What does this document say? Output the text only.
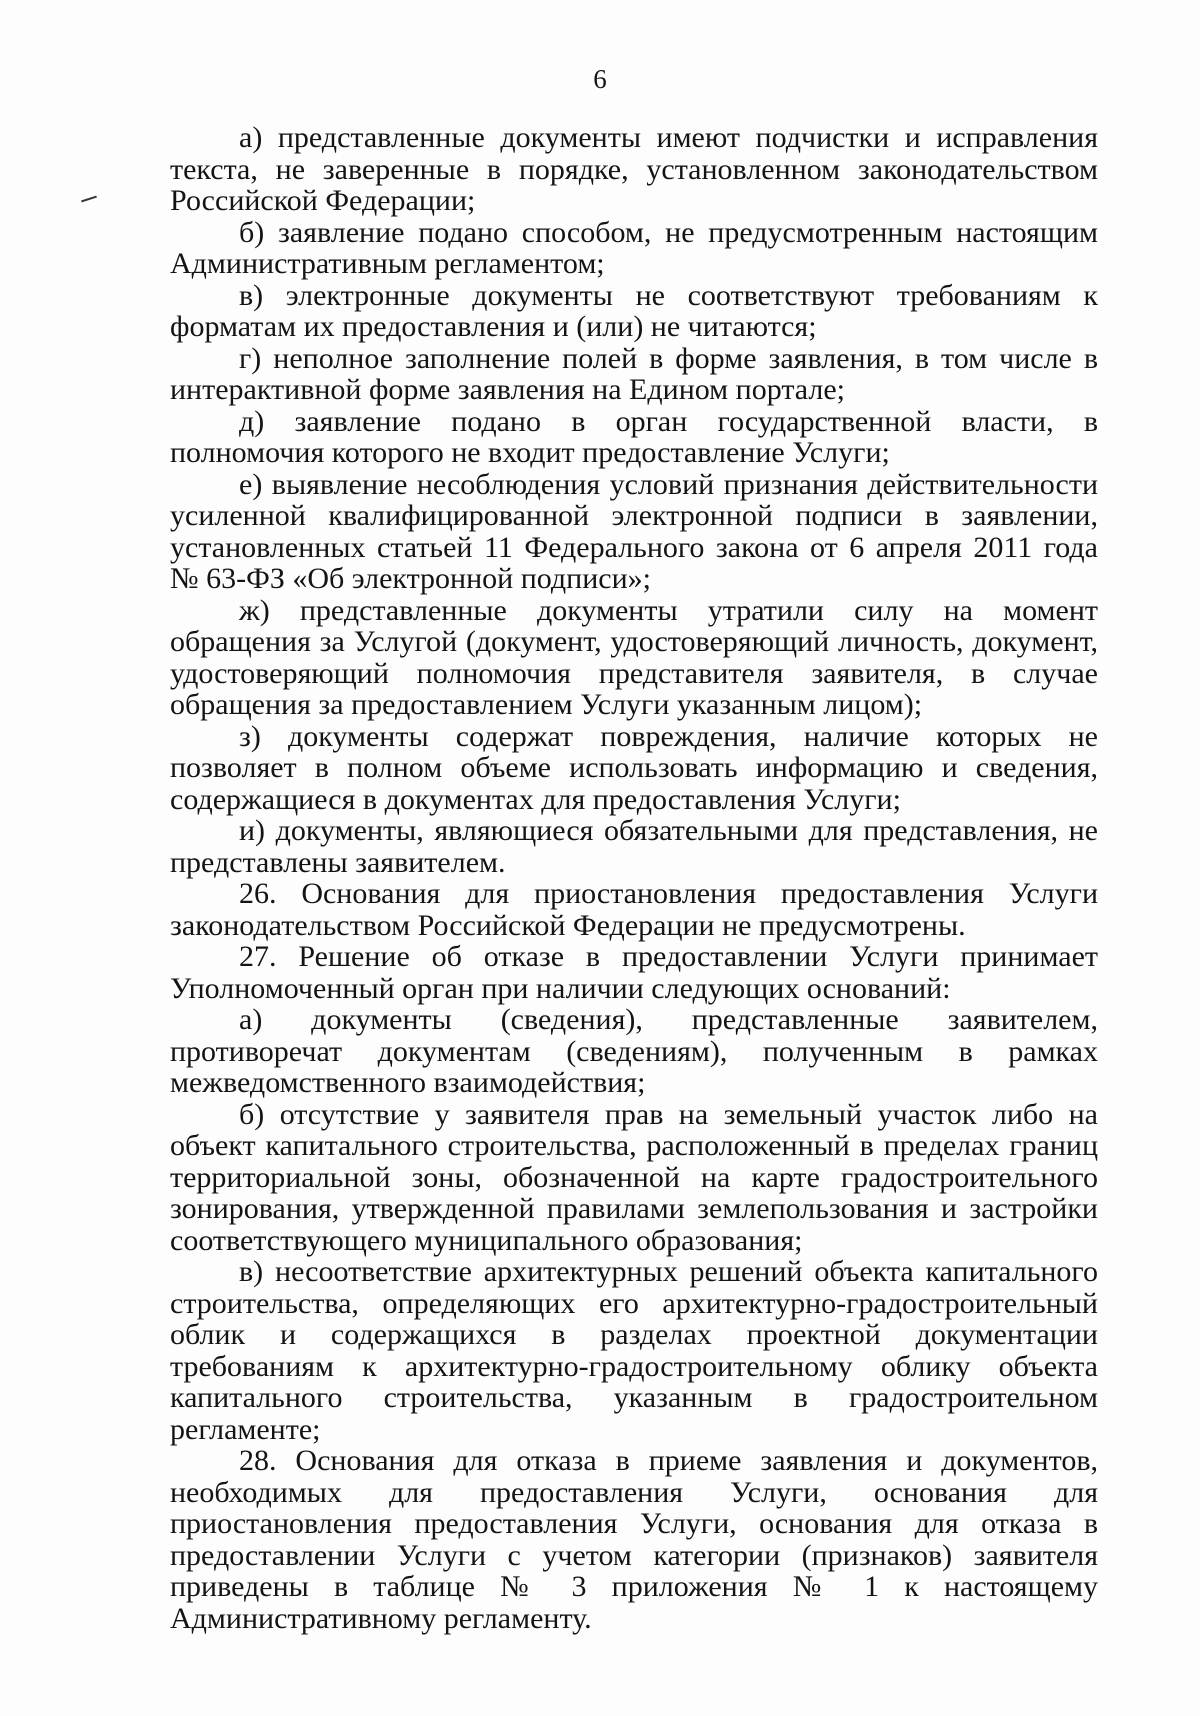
6

а) представленные документы имеют подчистки и исправления текста, не заверенные в порядке, установленном законодательством Российской Федерации;

б) заявление подано способом, не предусмотренным настоящим Административным регламентом;

в) электронные документы не соответствуют требованиям к форматам их предоставления и (или) не читаются;

г) неполное заполнение полей в форме заявления, в том числе в интерактивной форме заявления на Едином портале;

д) заявление подано в орган государственной власти, в полномочия которого не входит предоставление Услуги;

е) выявление несоблюдения условий признания действительности усиленной квалифицированной электронной подписи в заявлении, установленных статьей 11 Федерального закона от 6 апреля 2011 года № 63-ФЗ «Об электронной подписи»;

ж) представленные документы утратили силу на момент обращения за Услугой (документ, удостоверяющий личность, документ, удостоверяющий полномочия представителя заявителя, в случае обращения за предоставлением Услуги указанным лицом);

з) документы содержат повреждения, наличие которых не позволяет в полном объеме использовать информацию и сведения, содержащиеся в документах для предоставления Услуги;

и) документы, являющиеся обязательными для представления, не представлены заявителем.

26. Основания для приостановления предоставления Услуги законодательством Российской Федерации не предусмотрены.

27. Решение об отказе в предоставлении Услуги принимает Уполномоченный орган при наличии следующих оснований:

а) документы (сведения), представленные заявителем, противоречат документам (сведениям), полученным в рамках межведомственного взаимодействия;

б) отсутствие у заявителя прав на земельный участок либо на объект капитального строительства, расположенный в пределах границ территориальной зоны, обозначенной на карте градостроительного зонирования, утвержденной правилами землепользования и застройки соответствующего муниципального образования;

в) несоответствие архитектурных решений объекта капитального строительства, определяющих его архитектурно-градостроительный облик и содержащихся в разделах проектной документации требованиям к архитектурно-градостроительному облику объекта капитального строительства, указанным в градостроительном регламенте;

28. Основания для отказа в приеме заявления и документов, необходимых для предоставления Услуги, основания для приостановления предоставления Услуги, основания для отказа в предоставлении Услуги с учетом категории (признаков) заявителя приведены в таблице № 3 приложения № 1 к настоящему Административному регламенту.
